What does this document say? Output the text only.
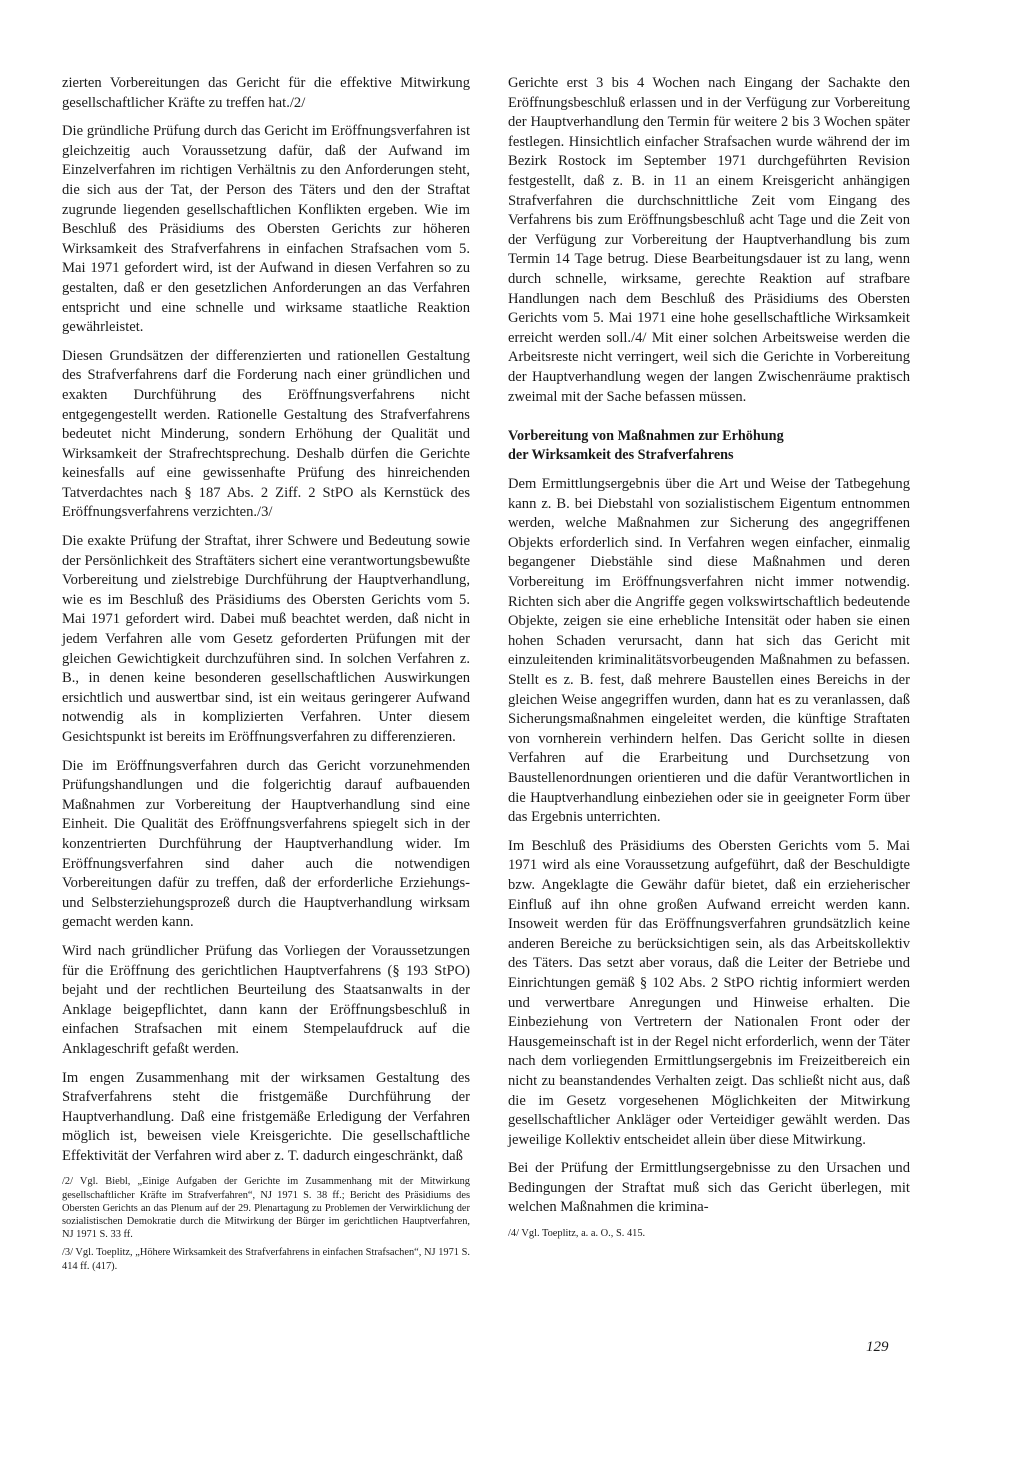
zierten Vorbereitungen das Gericht für die effektive Mitwirkung gesellschaftlicher Kräfte zu treffen hat./2/

Die gründliche Prüfung durch das Gericht im Eröffnungsverfahren ist gleichzeitig auch Voraussetzung dafür, daß der Aufwand im Einzelverfahren im richtigen Verhältnis zu den Anforderungen steht, die sich aus der Tat, der Person des Täters und den der Straftat zugrunde liegenden gesellschaftlichen Konflikten ergeben. Wie im Beschluß des Präsidiums des Obersten Gerichts zur höheren Wirksamkeit des Strafverfahrens in einfachen Strafsachen vom 5. Mai 1971 gefordert wird, ist der Aufwand in diesen Verfahren so zu gestalten, daß er den gesetzlichen Anforderungen an das Verfahren entspricht und eine schnelle und wirksame staatliche Reaktion gewährleistet.

Diesen Grundsätzen der differenzierten und rationellen Gestaltung des Strafverfahrens darf die Forderung nach einer gründlichen und exakten Durchführung des Eröffnungsverfahrens nicht entgegengestellt werden. Rationelle Gestaltung des Strafverfahrens bedeutet nicht Minderung, sondern Erhöhung der Qualität und Wirksamkeit der Strafrechtsprechung. Deshalb dürfen die Gerichte keinesfalls auf eine gewissenhafte Prüfung des hinreichenden Tatverdachtes nach § 187 Abs. 2 Ziff. 2 StPO als Kernstück des Eröffnungsverfahrens verzichten./3/

Die exakte Prüfung der Straftat, ihrer Schwere und Bedeutung sowie der Persönlichkeit des Straftäters sichert eine verantwortungsbewußte Vorbereitung und zielstrebige Durchführung der Hauptverhandlung, wie es im Beschluß des Präsidiums des Obersten Gerichts vom 5. Mai 1971 gefordert wird. Dabei muß beachtet werden, daß nicht in jedem Verfahren alle vom Gesetz geforderten Prüfungen mit der gleichen Gewichtigkeit durchzuführen sind. In solchen Verfahren z. B., in denen keine besonderen gesellschaftlichen Auswirkungen ersichtlich und auswertbar sind, ist ein weitaus geringerer Aufwand notwendig als in komplizierten Verfahren. Unter diesem Gesichtspunkt ist bereits im Eröffnungsverfahren zu differenzieren.

Die im Eröffnungsverfahren durch das Gericht vorzunehmenden Prüfungshandlungen und die folgerichtig darauf aufbauenden Maßnahmen zur Vorbereitung der Hauptverhandlung sind eine Einheit. Die Qualität des Eröffnungsverfahrens spiegelt sich in der konzentrierten Durchführung der Hauptverhandlung wider. Im Eröffnungsverfahren sind daher auch die notwendigen Vorbereitungen dafür zu treffen, daß der erforderliche Erziehungs- und Selbsterziehungsprozeß durch die Hauptverhandlung wirksam gemacht werden kann.

Wird nach gründlicher Prüfung das Vorliegen der Voraussetzungen für die Eröffnung des gerichtlichen Hauptverfahrens (§ 193 StPO) bejaht und der rechtlichen Beurteilung des Staatsanwalts in der Anklage beigepflichtet, dann kann der Eröffnungsbeschluß in einfachen Strafsachen mit einem Stempelaufdruck auf die Anklageschrift gefaßt werden.

Im engen Zusammenhang mit der wirksamen Gestaltung des Strafverfahrens steht die fristgemäße Durchführung der Hauptverhandlung. Daß eine fristgemäße Erledigung der Verfahren möglich ist, beweisen viele Kreisgerichte. Die gesellschaftliche Effektivität der Verfahren wird aber z. T. dadurch eingeschränkt, daß

/2/ Vgl. Biebl, „Einige Aufgaben der Gerichte im Zusammenhang mit der Mitwirkung gesellschaftlicher Kräfte im Strafverfahren“, NJ 1971 S. 38 ff.; Bericht des Präsidiums des Obersten Gerichts an das Plenum auf der 29. Plenartagung zu Problemen der Verwirklichung der sozialistischen Demokratie durch die Mitwirkung der Bürger im gerichtlichen Hauptverfahren, NJ 1971 S. 33 ff.

/3/ Vgl. Toeplitz, „Höhere Wirksamkeit des Strafverfahrens in einfachen Strafsachen“, NJ 1971 S. 414 ff. (417).

Gerichte erst 3 bis 4 Wochen nach Eingang der Sachakte den Eröffnungsbeschluß erlassen und in der Verfügung zur Vorbereitung der Hauptverhandlung den Termin für weitere 2 bis 3 Wochen später festlegen. Hinsichtlich einfacher Strafsachen wurde während der im Bezirk Rostock im September 1971 durchgeführten Revision festgestellt, daß z. B. in 11 an einem Kreisgericht anhängigen Strafverfahren die durchschnittliche Zeit vom Eingang des Verfahrens bis zum Eröffnungsbeschluß acht Tage und die Zeit von der Verfügung zur Vorbereitung der Hauptverhandlung bis zum Termin 14 Tage betrug. Diese Bearbeitungsdauer ist zu lang, wenn durch schnelle, wirksame, gerechte Reaktion auf strafbare Handlungen nach dem Beschluß des Präsidiums des Obersten Gerichts vom 5. Mai 1971 eine hohe gesellschaftliche Wirksamkeit erreicht werden soll./4/ Mit einer solchen Arbeitsweise werden die Arbeitsreste nicht verringert, weil sich die Gerichte in Vorbereitung der Hauptverhandlung wegen der langen Zwischenräume praktisch zweimal mit der Sache befassen müssen.

Vorbereitung von Maßnahmen zur Erhöhung
der Wirksamkeit des Strafverfahrens

Dem Ermittlungsergebnis über die Art und Weise der Tatbegehung kann z. B. bei Diebstahl von sozialistischem Eigentum entnommen werden, welche Maßnahmen zur Sicherung des angegriffenen Objekts erforderlich sind. In Verfahren wegen einfacher, einmalig begangener Diebstähle sind diese Maßnahmen und deren Vorbereitung im Eröffnungsverfahren nicht immer notwendig. Richten sich aber die Angriffe gegen volkswirtschaftlich bedeutende Objekte, zeigen sie eine erhebliche Intensität oder haben sie einen hohen Schaden verursacht, dann hat sich das Gericht mit einzuleitenden kriminalitätsvorbeugenden Maßnahmen zu befassen. Stellt es z. B. fest, daß mehrere Baustellen eines Bereichs in der gleichen Weise angegriffen wurden, dann hat es zu veranlassen, daß Sicherungsmaßnahmen eingeleitet werden, die künftige Straftaten von vornherein verhindern helfen. Das Gericht sollte in diesen Verfahren auf die Erarbeitung und Durchsetzung von Baustellenordnungen orientieren und die dafür Verantwortlichen in die Hauptverhandlung einbeziehen oder sie in geeigneter Form über das Ergebnis unterrichten.

Im Beschluß des Präsidiums des Obersten Gerichts vom 5. Mai 1971 wird als eine Voraussetzung aufgeführt, daß der Beschuldigte bzw. Angeklagte die Gewähr dafür bietet, daß ein erzieherischer Einfluß auf ihn ohne großen Aufwand erreicht werden kann. Insoweit werden für das Eröffnungsverfahren grundsätzlich keine anderen Bereiche zu berücksichtigen sein, als das Arbeitskollektiv des Täters. Das setzt aber voraus, daß die Leiter der Betriebe und Einrichtungen gemäß § 102 Abs. 2 StPO richtig informiert werden und verwertbare Anregungen und Hinweise erhalten. Die Einbeziehung von Vertretern der Nationalen Front oder der Hausgemeinschaft ist in der Regel nicht erforderlich, wenn der Täter nach dem vorliegenden Ermittlungsergebnis im Freizeitbereich ein nicht zu beanstandendes Verhalten zeigt. Das schließt nicht aus, daß die im Gesetz vorgesehenen Möglichkeiten der Mitwirkung gesellschaftlicher Ankläger oder Verteidiger gewählt werden. Das jeweilige Kollektiv entscheidet allein über diese Mitwirkung.

Bei der Prüfung der Ermittlungsergebnisse zu den Ursachen und Bedingungen der Straftat muß sich das Gericht überlegen, mit welchen Maßnahmen die krimina-

/4/ Vgl. Toeplitz, a. a. O., S. 415.

129
